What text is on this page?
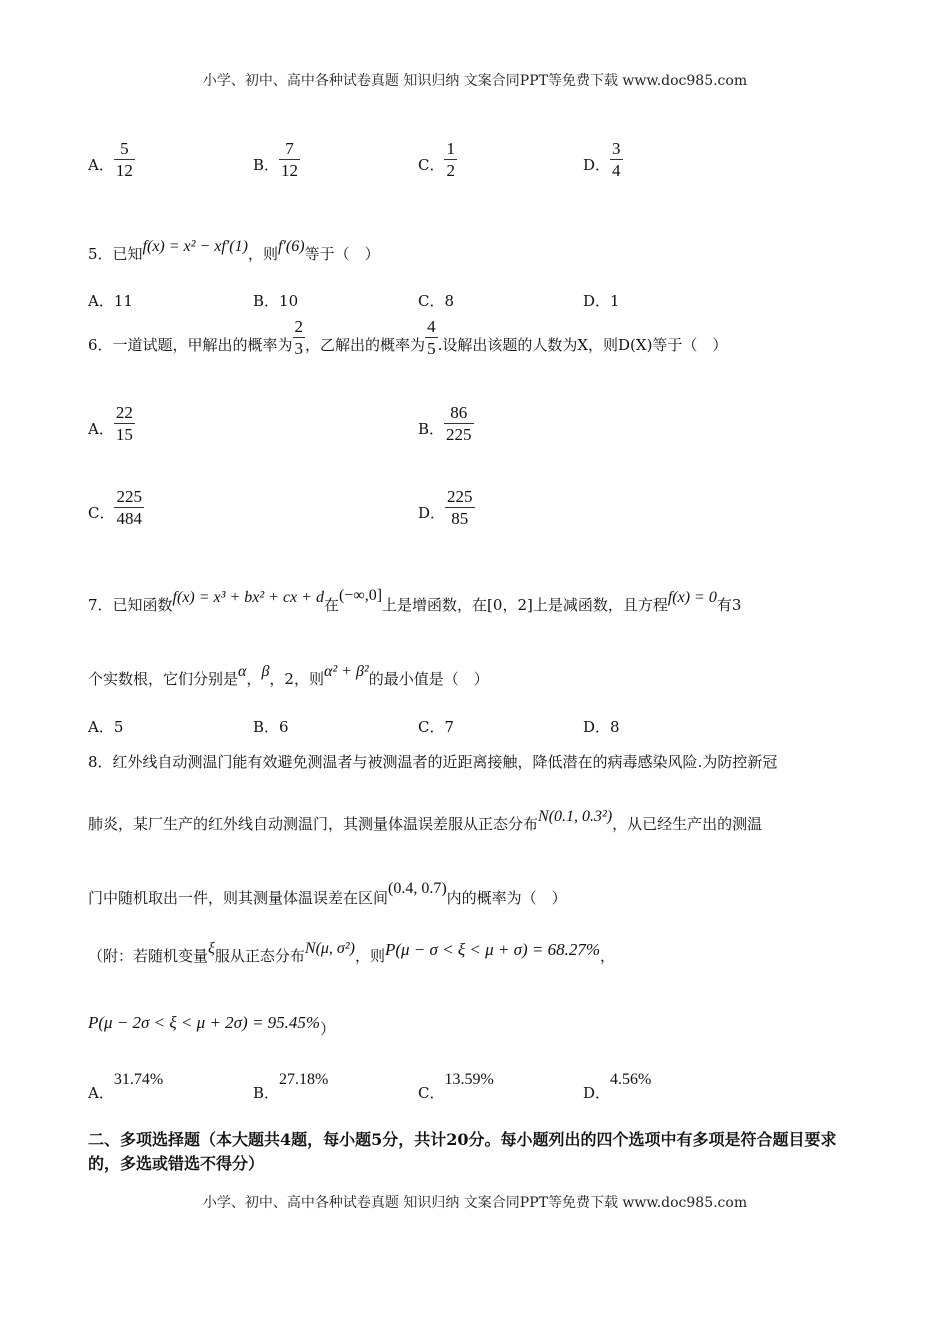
小学、初中、高中各种试卷真题 知识归纳 文案合同PPT等免费下载 www.doc985.com
A． $\frac{5}{12}$	B． $\frac{7}{12}$	C． $\frac{1}{2}$	D． $\frac{3}{4}$
5．已知f(x) = x² − xf′(1)，则f′(6)等于（　）
A．11	B．10	C．8	D．1
6．一道试题，甲解出的概率为 $\frac{2}{3}$ ，乙解出的概率为 $\frac{4}{5}$ .设解出该题的人数为X，则D(X)等于（　）
A． $\frac{22}{15}$	B． $\frac{86}{225}$
C． $\frac{225}{484}$	D． $\frac{225}{85}$
7．已知函数f(x) = x³ + bx² + cx + d在(−∞,0]上是增函数，在[0，2]上是减函数，且方程f(x) = 0有3
个实数根，它们分别是α，β，2，则α² + β²的最小值是（　）
A．5	B．6	C．7	D．8
8．红外线自动测温门能有效避免测温者与被测温者的近距离接触，降低潜在的病毒感染风险.为防控新冠
肺炎，某厂生产的红外线自动测温门，其测量体温误差服从正态分布N(0.1, 0.3²)，从已经生产出的测温
门中随机取出一件，则其测量体温误差在区间(0.4, 0.7)内的概率为（　）
（附：若随机变量ξ服从正态分布N(μ, σ²)，则P(μ − σ < ξ < μ + σ) = 68.27%，
P(μ − 2σ < ξ < μ + 2σ) = 95.45%）
A．31.74%
B．27.18%
C．13.59%
D．4.56%
二、多项选择题（本大题共4题，每小题5分，共计20分。每小题列出的四个选项中有多项是符合题目要求的，多选或错选不得分）
小学、初中、高中各种试卷真题 知识归纳 文案合同PPT等免费下载 www.doc985.com
